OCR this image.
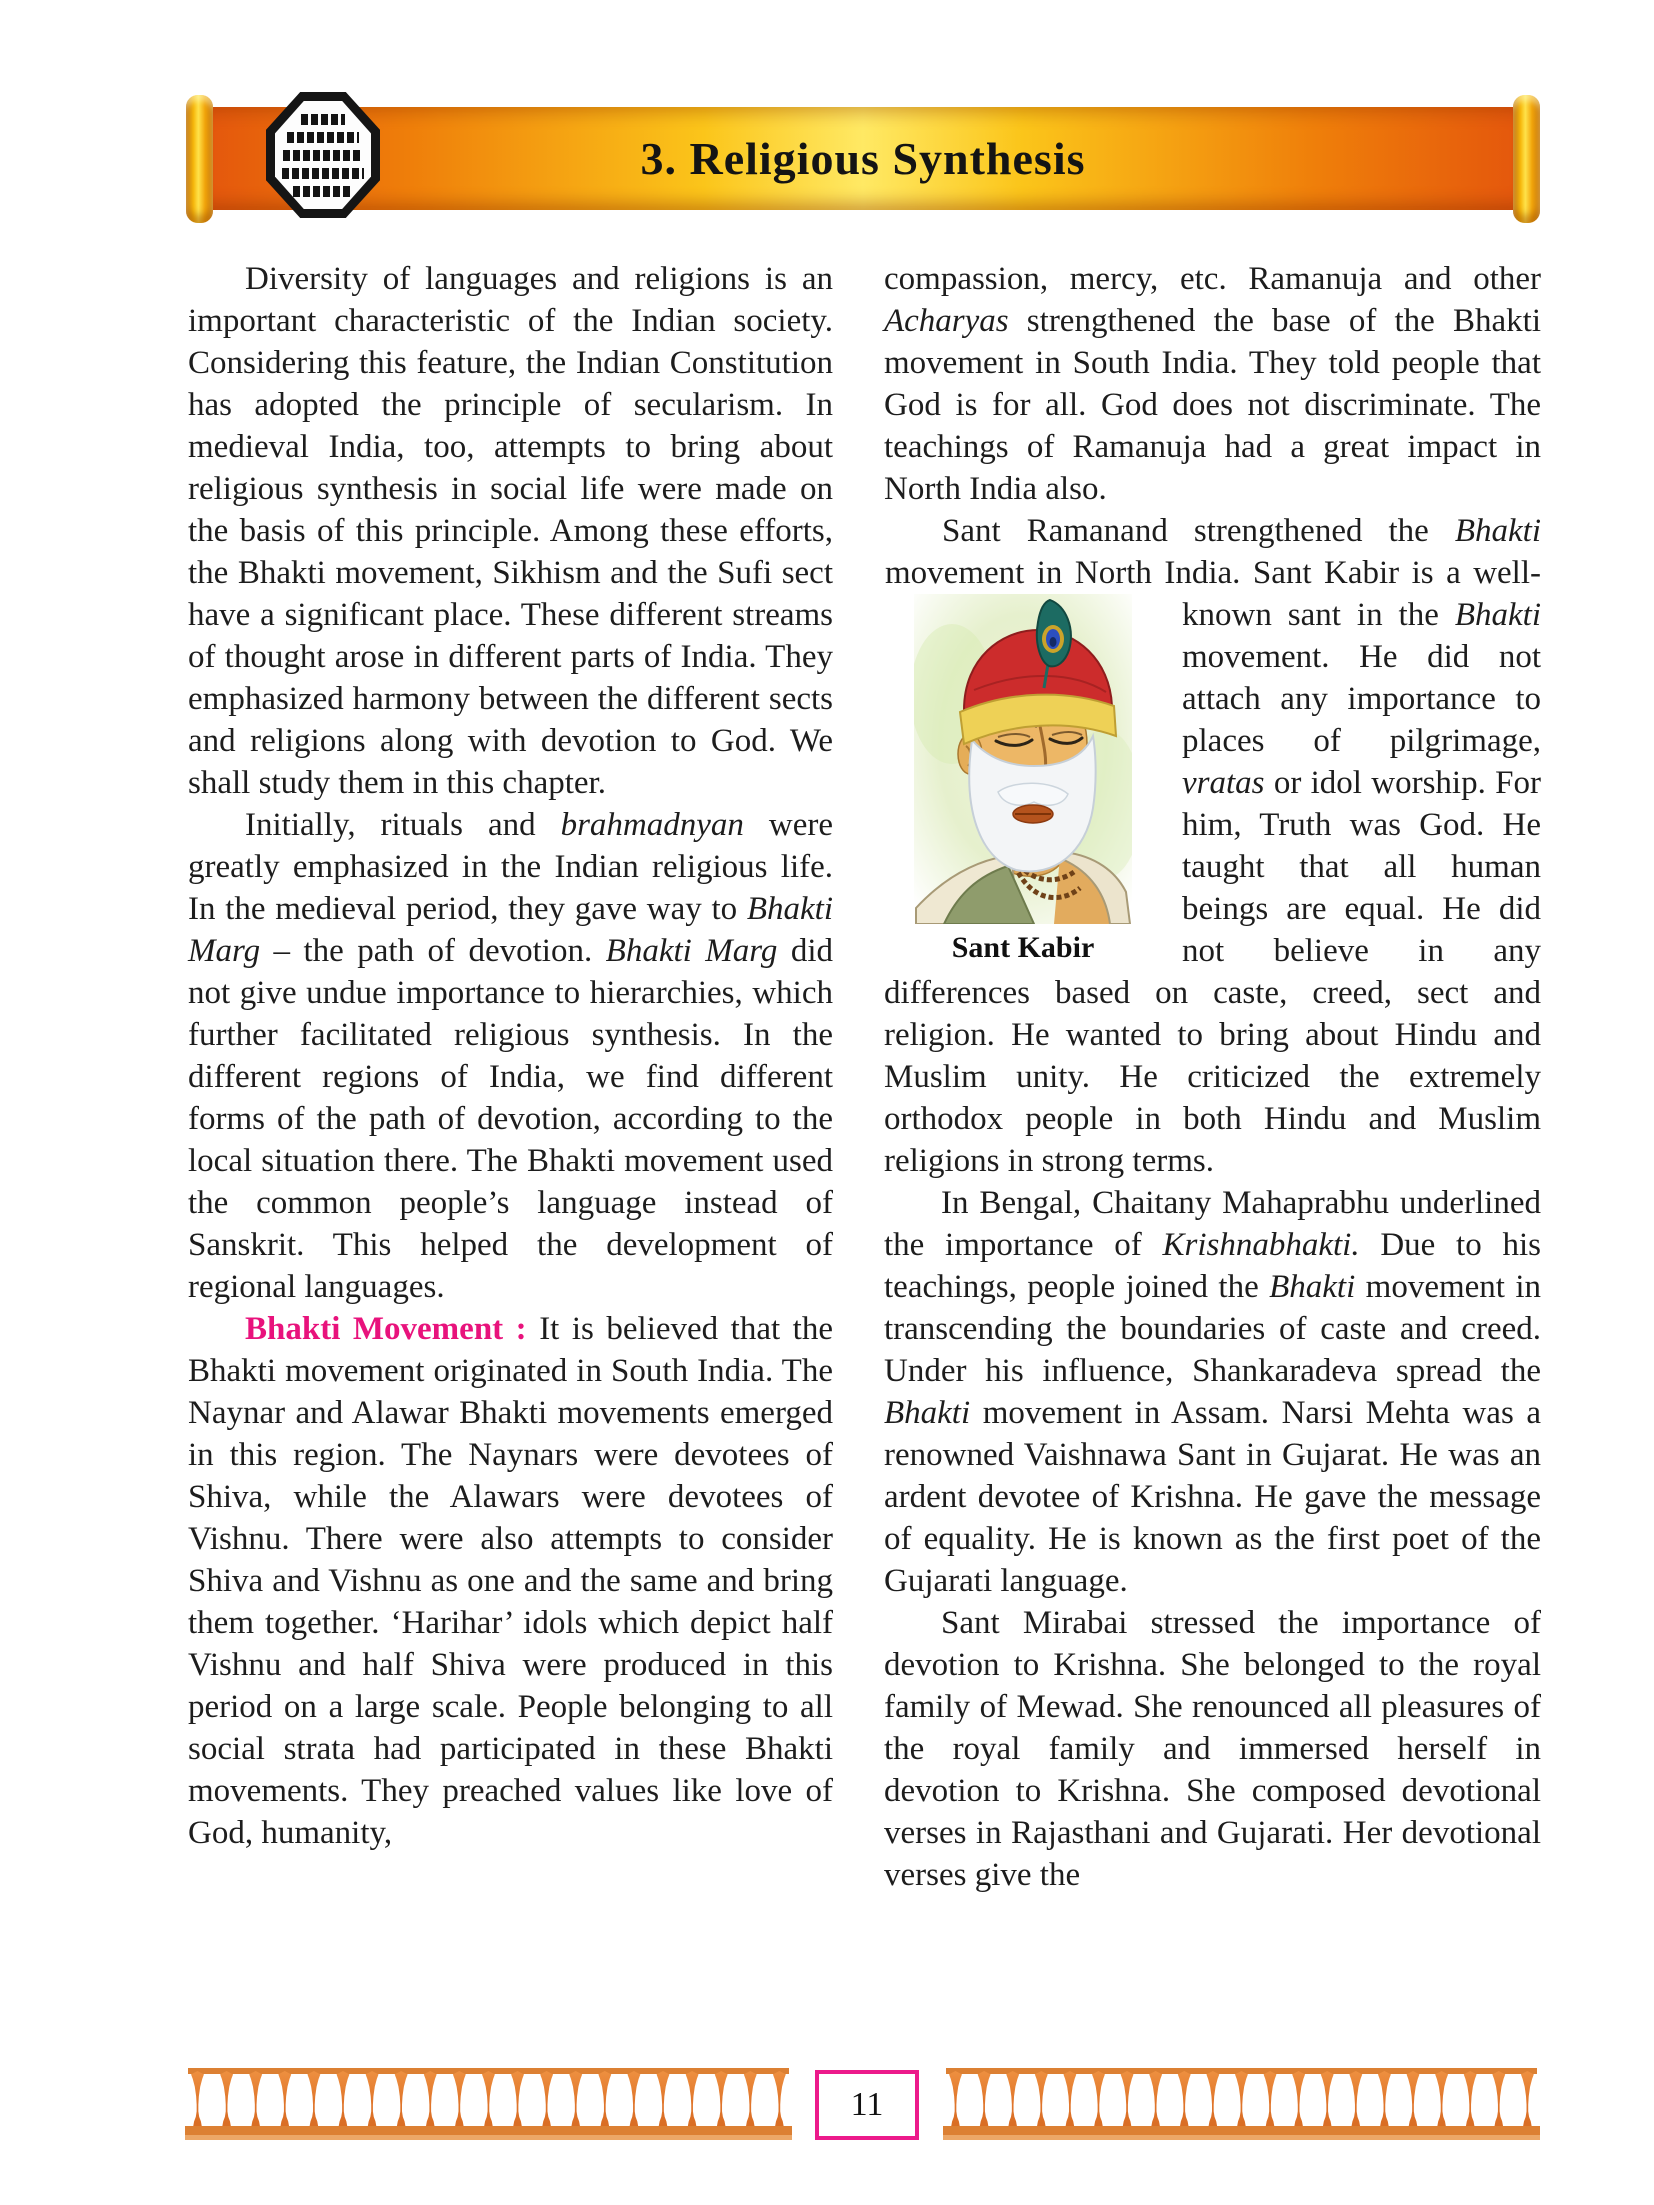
3. Religious Synthesis

Diversity of languages and religions is an important characteristic of the Indian society. Considering this feature, the Indian Constitution has adopted the principle of secularism. In medieval India, too, attempts to bring about religious synthesis in social life were made on the basis of this principle. Among these efforts, the Bhakti movement, Sikhism and the Sufi sect have a significant place. These different streams of thought arose in different parts of India. They emphasized harmony between the different sects and religions along with devotion to God. We shall study them in this chapter.

Initially, rituals and brahmadnyan were greatly emphasized in the Indian religious life. In the medieval period, they gave way to Bhakti Marg – the path of devotion. Bhakti Marg did not give undue importance to hierarchies, which further facilitated religious synthesis. In the different regions of India, we find different forms of the path of devotion, according to the local situation there. The Bhakti movement used the common people’s language instead of Sanskrit. This helped the development of regional languages.

Bhakti Movement : It is believed that the Bhakti movement originated in South India. The Naynar and Alawar Bhakti movements emerged in this region. The Naynars were devotees of Shiva, while the Alawars were devotees of Vishnu. There were also attempts to consider Shiva and Vishnu as one and the same and bring them together. ‘Harihar’ idols which depict half Vishnu and half Shiva were produced in this period on a large scale. People belonging to all social strata had participated in these Bhakti movements. They preached values like love of God, humanity,

compassion, mercy, etc. Ramanuja and other Acharyas strengthened the base of the Bhakti movement in South India. They told people that God is for all. God does not discriminate. The teachings of Ramanuja had a great impact in North India also.

Sant Kabir
Sant Ramanand strengthened the Bhakti movement in North India. Sant Kabir is a well-known sant in the Bhakti movement. He did not attach any importance to places of pilgrimage, vratas or idol worship. For him, Truth was God. He taught that all human beings are equal. He did not believe in any differences based on caste, creed, sect and religion. He wanted to bring about Hindu and Muslim unity. He criticized the extremely orthodox people in both Hindu and Muslim religions in strong terms.

In Bengal, Chaitany Mahaprabhu underlined the importance of Krishnabhakti. Due to his teachings, people joined the Bhakti movement in transcending the boundaries of caste and creed. Under his influence, Shankaradeva spread the Bhakti movement in Assam. Narsi Mehta was a renowned Vaishnawa Sant in Gujarat. He was an ardent devotee of Krishna. He gave the message of equality. He is known as the first poet of the Gujarati language.

Sant Mirabai stressed the importance of devotion to Krishna. She belonged to the royal family of Mewad. She renounced all pleasures of the royal family and immersed herself in devotion to Krishna. She composed devotional verses in Rajasthani and Gujarati. Her devotional verses give the

11
